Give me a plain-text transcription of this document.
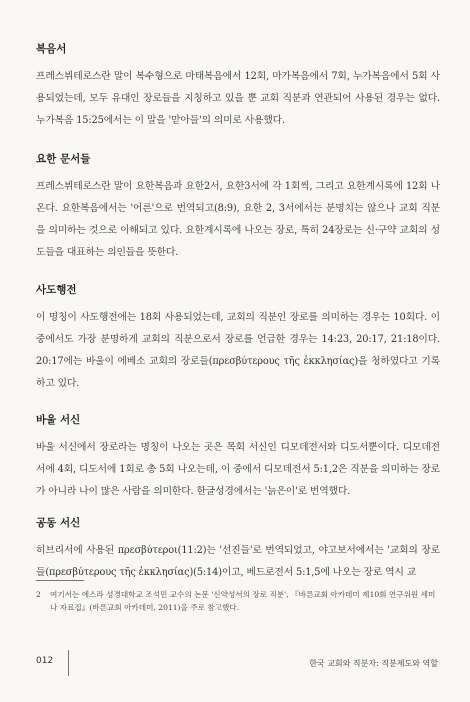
복음서

프레스뷔테로스란 말이 복수형으로 마태복음에서 12회, 마가복음에서 7회, 누가복음에서 5회 사용되었는데, 모두 유대인 장로들을 지칭하고 있을 뿐 교회 직분과 연관되어 사용된 경우는 없다. 누가복음 15:25에서는 이 말을 '맏아들'의 의미로 사용했다.

요한 문서들

프레스뷔테로스란 말이 요한복음과 요한2서, 요한3서에 각 1회씩, 그리고 요한계시록에 12회 나온다. 요한복음에서는 '어른'으로 번역되고(8:9), 요한 2, 3서에서는 분명치는 않으나 교회 직분을 의미하는 것으로 이해되고 있다. 요한계시록에 나오는 장로, 특히 24장로는 신·구약 교회의 성도들을 대표하는 의인들을 뜻한다.

사도행전

이 명칭이 사도행전에는 18회 사용되었는데, 교회의 직분인 장로를 의미하는 경우는 10회다. 이 중에서도 가장 분명하게 교회의 직분으로서 장로를 언급한 경우는 14:23, 20:17, 21:18이다. 20:17에는 바울이 에베소 교회의 장로들(πρεσβύτερους τῆς ἐκκλησίας)을 청하였다고 기록하고 있다.

바울 서신

바울 서신에서 장로라는 명칭이 나오는 곳은 목회 서신인 디모데전서와 디도서뿐이다. 디모데전서에 4회, 디도서에 1회로 총 5회 나오는데, 이 중에서 디모데전서 5:1,2은 직분을 의미하는 장로가 아니라 나이 많은 사람을 의미한다. 한글성경에서는 '늙은이'로 번역했다.

공동 서신

히브리서에 사용된 πρεσβύτεροι(11:2)는 '선진들'로 번역되었고, 야고보서에서는 '교회의 장로들(πρεσβύτερους τῆς ἐκκλησίας)(5:14)이고, 베드로전서 5:1,5에 나오는 장로 역시 교

2 여기서는 에스라 성경대학교 조석민 교수의 논문 '신약성서의 장로 직분', 『바른교회 아카데미 제10회 연구위원 세미나 자료집』(바른교회 아카데미, 2011)을 주로 참고했다.
012	한국 교회와 직분자: 직분제도와 역할
